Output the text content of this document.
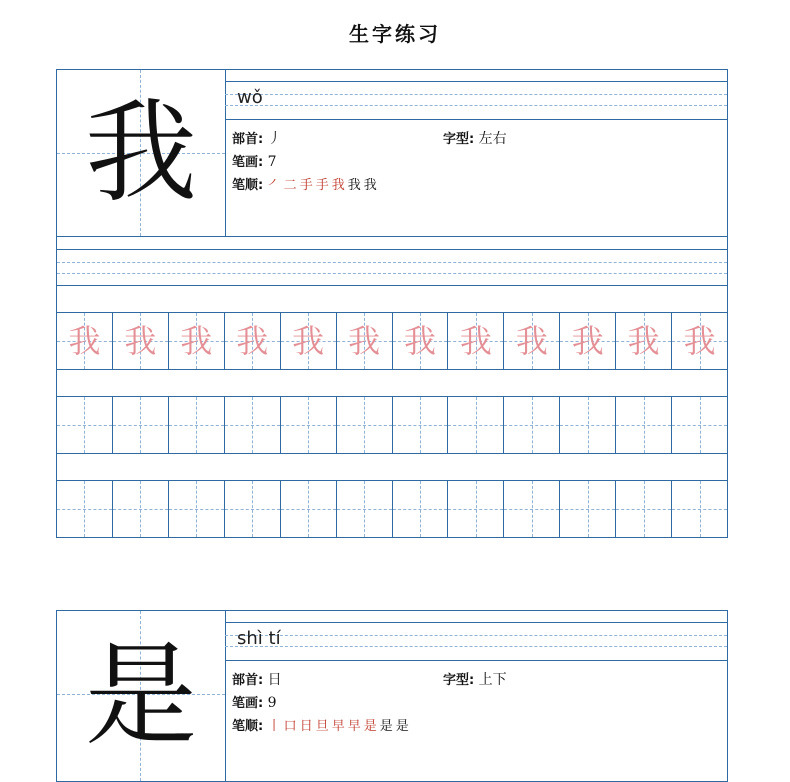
生字练习
我	wǒ
部首: 丿	字型: 左右
笔画: 7
笔顺: ㇒ 二 手 手 我 我 我
我 我 我 我 我 我 我 我 我 我 我 我
是	shì tí
部首: 日	字型: 上下
笔画: 9
笔顺: 丨 口 日 旦 早 早 是 是 是
